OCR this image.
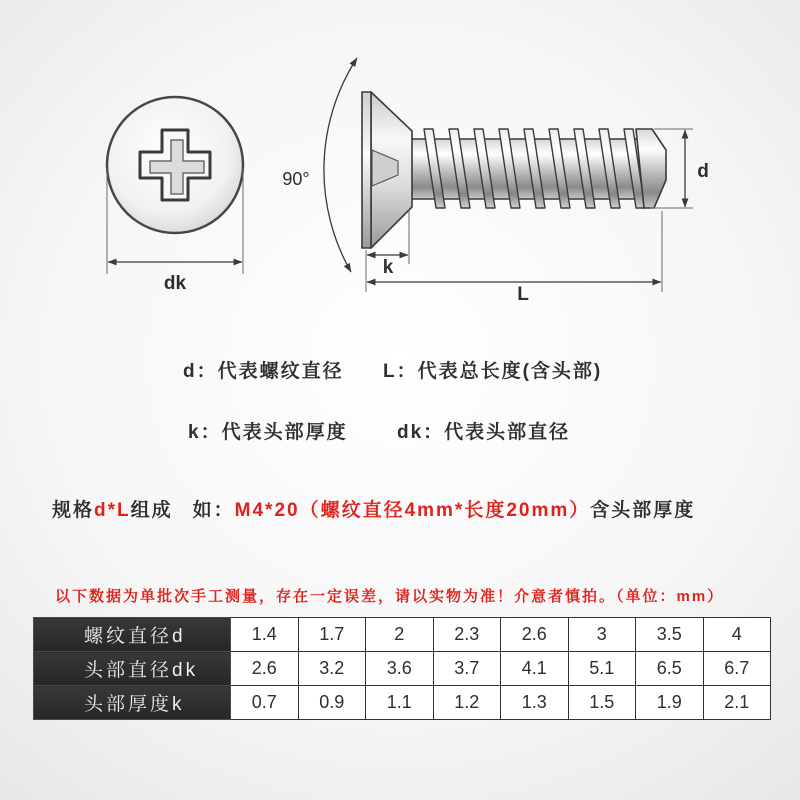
dk
90°
k
L
d
d：代表螺纹直径 L：代表总长度(含头部)
k：代表头部厚度	dk：代表头部直径
规格d*L组成 如：M4*20（螺纹直径4mm*长度20mm）含头部厚度
以下数据为单批次手工测量，存在一定误差，请以实物为准！介意者慎拍。（单位：mm）
螺纹直径d	1.4	1.7	2	2.3	2.6	3	3.5	4
头部直径dk	2.6	3.2	3.6	3.7	4.1	5.1	6.5	6.7
头部厚度k	0.7	0.9	1.1	1.2	1.3	1.5	1.9	2.1
